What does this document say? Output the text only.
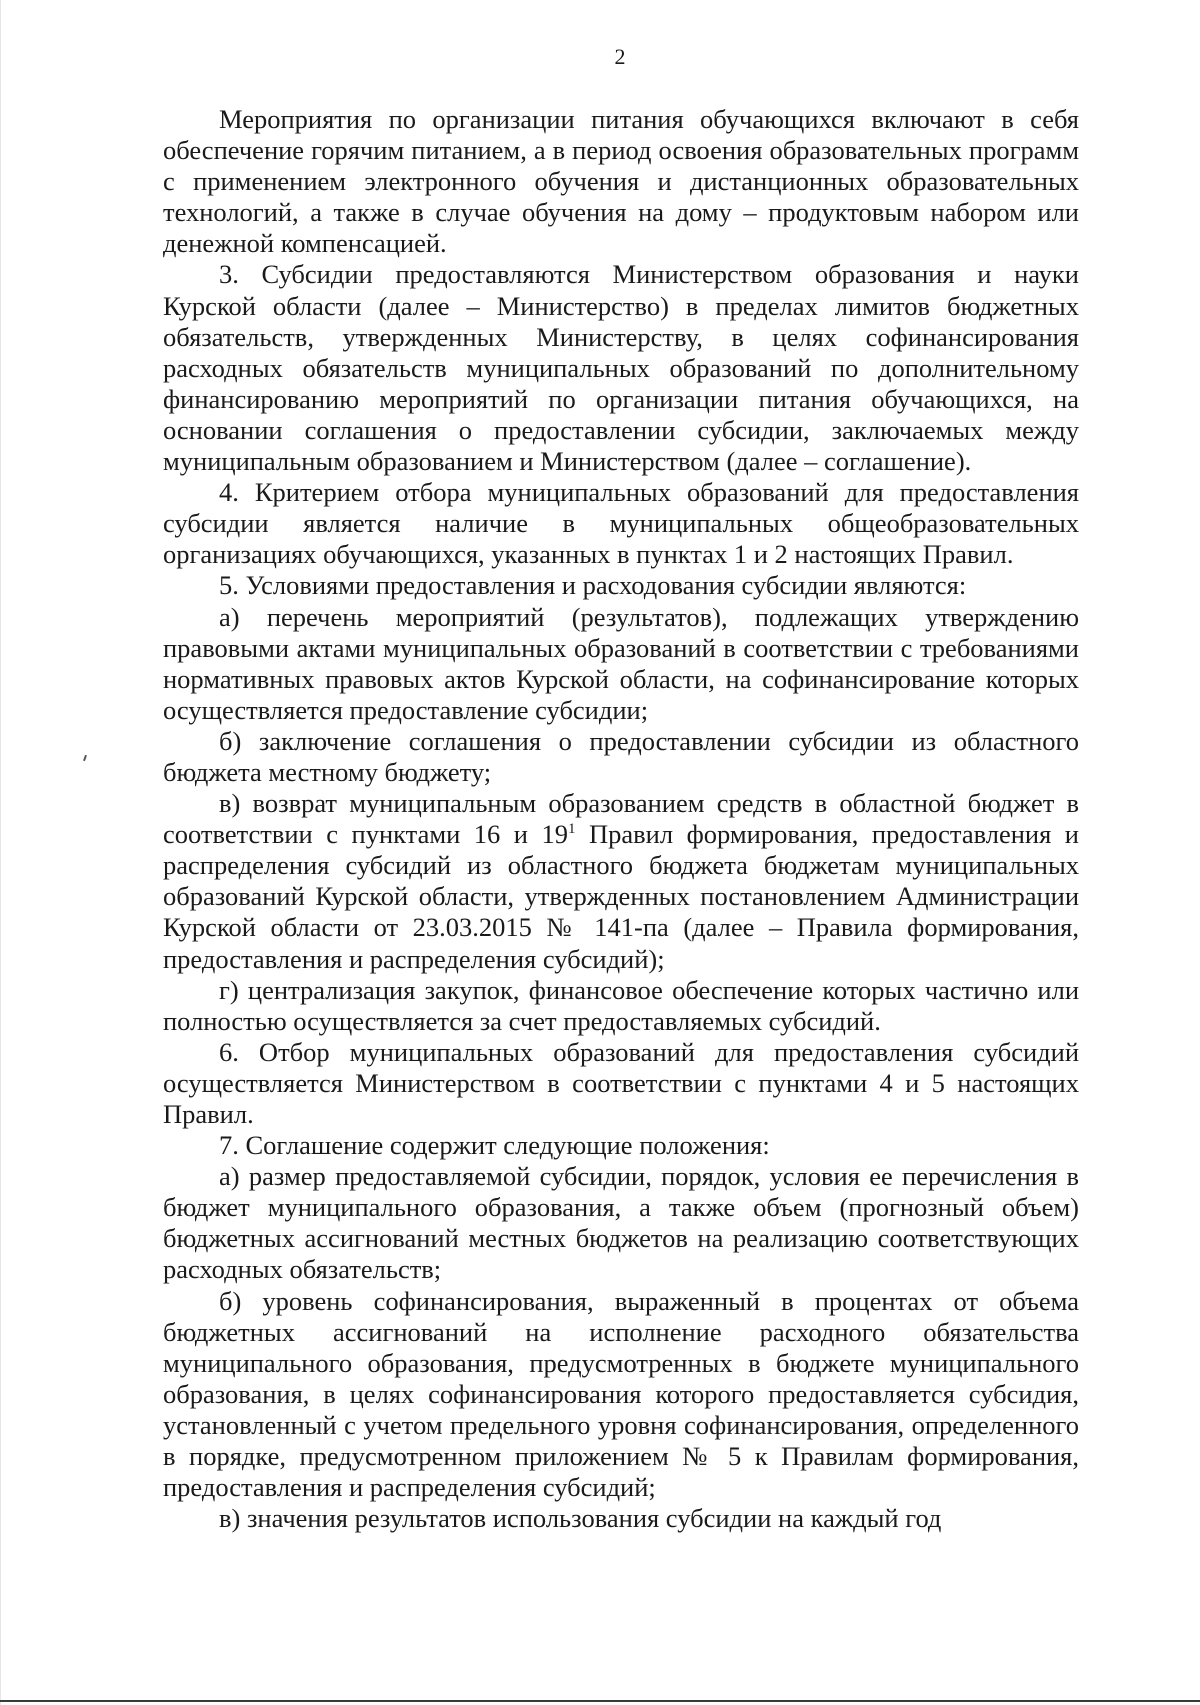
2

Мероприятия по организации питания обучающихся включают в себя обеспечение горячим питанием, а в период освоения образовательных программ с применением электронного обучения и дистанционных образовательных технологий, а также в случае обучения на дому – продуктовым набором или денежной компенсацией.

3. Субсидии предоставляются Министерством образования и науки Курской области (далее – Министерство) в пределах лимитов бюджетных обязательств, утвержденных Министерству, в целях софинансирования расходных обязательств муниципальных образований по дополнительному финансированию мероприятий по организации питания обучающихся, на основании соглашения о предоставлении субсидии, заключаемых между муниципальным образованием и Министерством (далее – соглашение).

4. Критерием отбора муниципальных образований для предоставления субсидии является наличие в муниципальных общеобразовательных организациях обучающихся, указанных в пунктах 1 и 2 настоящих Правил.

5. Условиями предоставления и расходования субсидии являются:

а) перечень мероприятий (результатов), подлежащих утверждению правовыми актами муниципальных образований в соответствии с требованиями нормативных правовых актов Курской области, на софинансирование которых осуществляется предоставление субсидии;

б) заключение соглашения о предоставлении субсидии из областного бюджета местному бюджету;

в) возврат муниципальным образованием средств в областной бюджет в соответствии с пунктами 16 и $19^1$ Правил формирования, предоставления и распределения субсидий из областного бюджета бюджетам муниципальных образований Курской области, утвержденных постановлением Администрации Курской области от 23.03.2015 № 141-па (далее – Правила формирования, предоставления и распределения субсидий);

г) централизация закупок, финансовое обеспечение которых частично или полностью осуществляется за счет предоставляемых субсидий.

6. Отбор муниципальных образований для предоставления субсидий осуществляется Министерством в соответствии с пунктами 4 и 5 настоящих Правил.

7. Соглашение содержит следующие положения:

а) размер предоставляемой субсидии, порядок, условия ее перечисления в бюджет муниципального образования, а также объем (прогнозный объем) бюджетных ассигнований местных бюджетов на реализацию соответствующих расходных обязательств;

б) уровень софинансирования, выраженный в процентах от объема бюджетных ассигнований на исполнение расходного обязательства муниципального образования, предусмотренных в бюджете муниципального образования, в целях софинансирования которого предоставляется субсидия, установленный с учетом предельного уровня софинансирования, определенного в порядке, предусмотренном приложением № 5 к Правилам формирования, предоставления и распределения субсидий;

в) значения результатов использования субсидии на каждый год
